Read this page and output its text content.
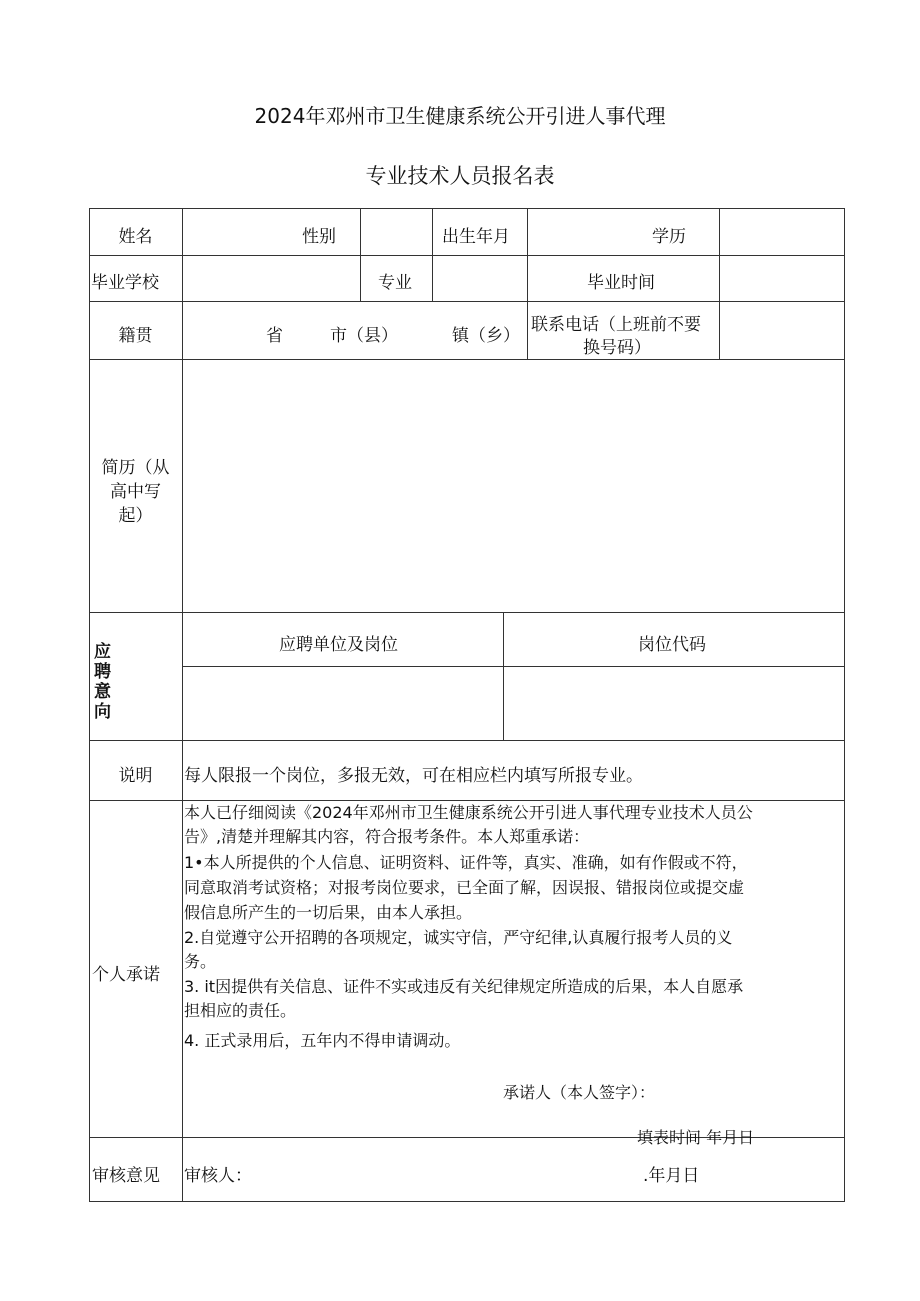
2024年邓州市卫生健康系统公开引进人事代理
专业技术人员报名表
姓名	性别	出生年月	学历
毕业学校	专业	毕业时间
籍贯	省	市（县）	镇（乡）
联系电话（上班前不要
换号码）
简历（从
高中写
起）
应
聘
意
向
应聘单位及岗位	岗位代码
说明	每人限报一个岗位，多报无效，可在相应栏内填写所报专业。
个人承诺
本人已仔细阅读《2024年邓州市卫生健康系统公开引进人事代理专业技术人员公
告》,清楚并理解其内容，符合报考条件。本人郑重承诺：
1•本人所提供的个人信息、证明资料、证件等，真实、准确，如有作假或不符，
同意取消考试资格；对报考岗位要求，已全面了解，因误报、错报岗位或提交虚
假信息所产生的一切后果，由本人承担。
2.自觉遵守公开招聘的各项规定，诚实守信，严守纪律,认真履行报考人员的义
务。
3. it因提供有关信息、证件不实或违反有关纪律规定所造成的后果，本人自愿承
担相应的责任。
4. 正式录用后，五年内不得申请调动。
承诺人（本人签字）：
填表时间 年月日
审核意见 审核人：	.年月日
